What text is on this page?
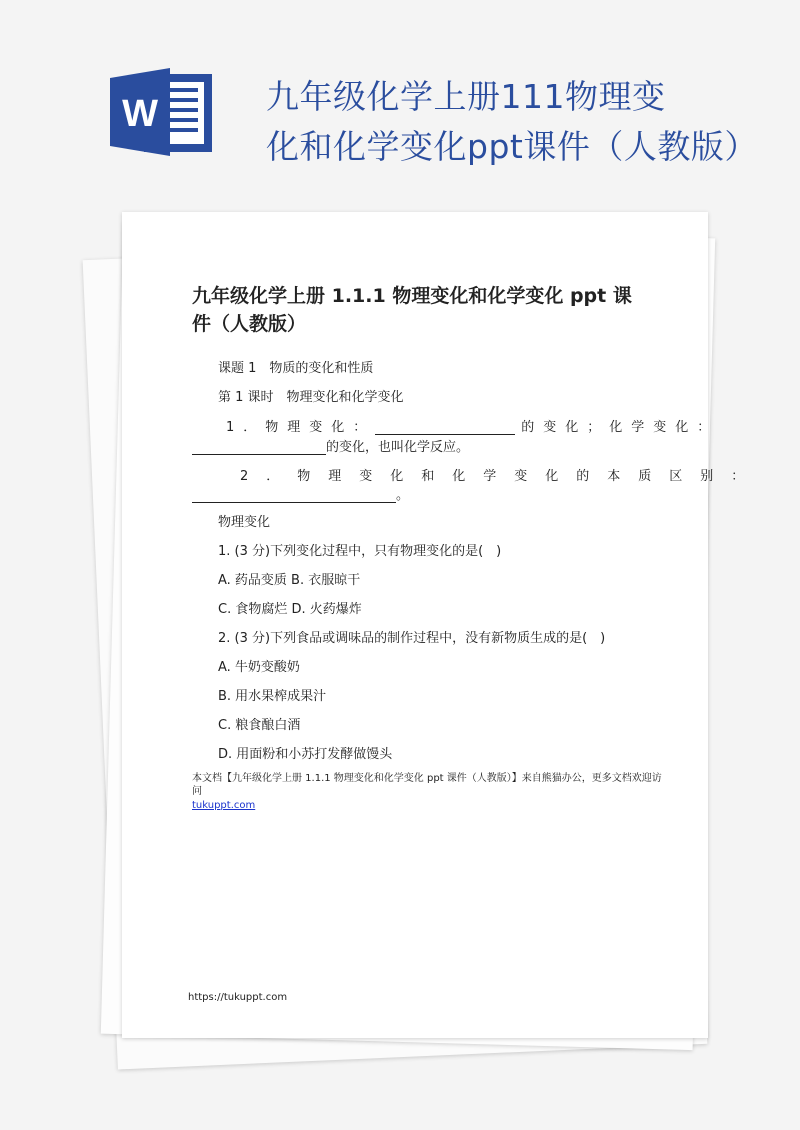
W	九年级化学上册111物理变
化和化学变化ppt课件（人教版）
九年级化学上册 1.1.1 物理变化和化学变化 ppt 课
件（人教版）
课题 1　物质的变化和性质
第 1 课时　物理变化和化学变化
1．物理变化：	的变化；化学变化：
的变化，也叫化学反应。
2．物理变化和化学变化的本质区别：
。
物理变化
1. (3 分)下列变化过程中，只有物理变化的是(　)
A. 药品变质 B. 衣服晾干
C. 食物腐烂 D. 火药爆炸
2. (3 分)下列食品或调味品的制作过程中，没有新物质生成的是(　)
A. 牛奶变酸奶
B. 用水果榨成果汁
C. 粮食酿白酒
D. 用面粉和小苏打发酵做馒头
本文档【九年级化学上册 1.1.1 物理变化和化学变化 ppt 课件（人教版）】来自熊猫办公，更多文档欢迎访问
tukuppt.com
https://tukuppt.com
